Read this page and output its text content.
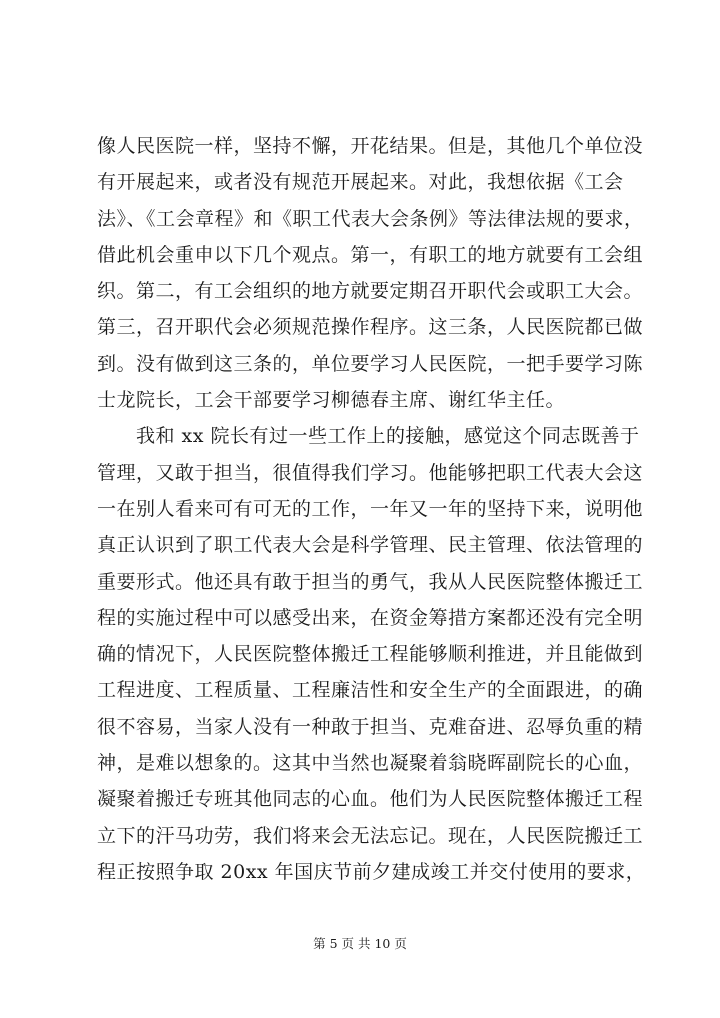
像人民医院一样，坚持不懈，开花结果。但是，其他几个单位没
有开展起来，或者没有规范开展起来。对此，我想依据《工会
法》、《工会章程》和《职工代表大会条例》等法律法规的要求，
借此机会重申以下几个观点。第一，有职工的地方就要有工会组
织。第二，有工会组织的地方就要定期召开职代会或职工大会。
第三，召开职代会必须规范操作程序。这三条，人民医院都已做
到。没有做到这三条的，单位要学习人民医院，一把手要学习陈
士龙院长，工会干部要学习柳德春主席、谢红华主任。
　　我和 xx 院长有过一些工作上的接触，感觉这个同志既善于
管理，又敢于担当，很值得我们学习。他能够把职工代表大会这
一在别人看来可有可无的工作，一年又一年的坚持下来，说明他
真正认识到了职工代表大会是科学管理、民主管理、依法管理的
重要形式。他还具有敢于担当的勇气，我从人民医院整体搬迁工
程的实施过程中可以感受出来，在资金筹措方案都还没有完全明
确的情况下，人民医院整体搬迁工程能够顺利推进，并且能做到
工程进度、工程质量、工程廉洁性和安全生产的全面跟进，的确
很不容易，当家人没有一种敢于担当、克难奋进、忍辱负重的精
神，是难以想象的。这其中当然也凝聚着翁晓晖副院长的心血，
凝聚着搬迁专班其他同志的心血。他们为人民医院整体搬迁工程
立下的汗马功劳，我们将来会无法忘记。现在，人民医院搬迁工
程正按照争取 20xx 年国庆节前夕建成竣工并交付使用的要求，
第 5 页 共 10 页
